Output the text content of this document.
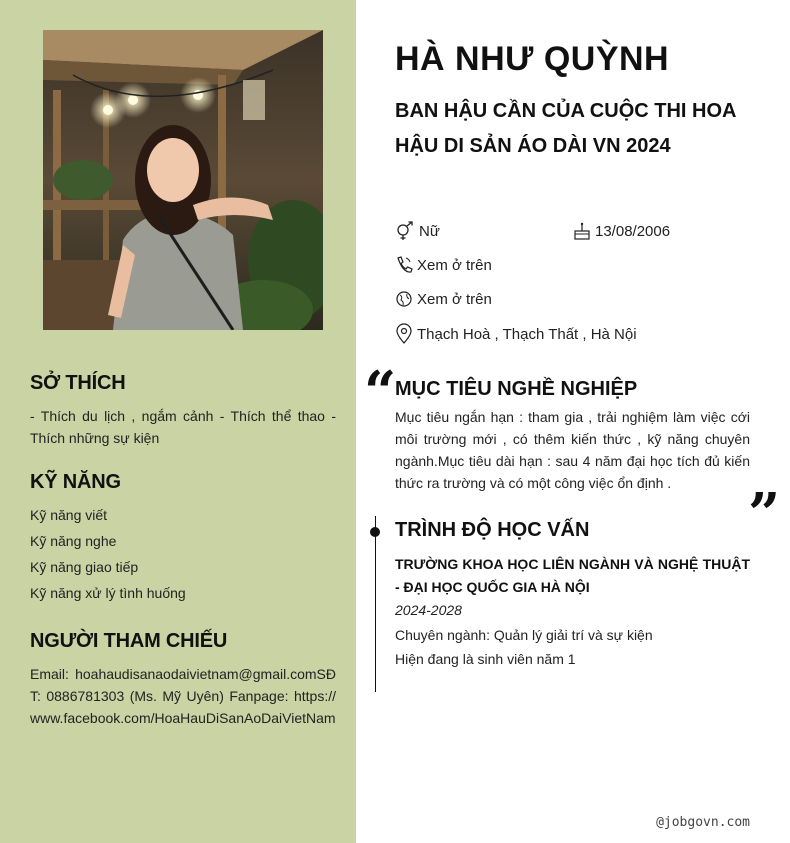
SỞ THÍCH
- Thích du lịch , ngắm cảnh - Thích thể thao - Thích những sự kiện
KỸ NĂNG
Kỹ năng viết
Kỹ năng nghe
Kỹ năng giao tiếp
Kỹ năng xử lý tình huống
NGƯỜI THAM CHIẾU
Email: hoahaudisanaodaivietnam@gmail.comSĐT: 0886781303 (Ms. Mỹ Uyên) Fanpage: https://www.facebook.com/HoaHauDiSanAoDaiVietNam
HÀ NHƯ QUỲNH
BAN HẬU CẦN CỦA CUỘC THI HOA HẬU DI SẢN ÁO DÀI VN 2024
Nữ	13/08/2006
Xem ở trên
Xem ở trên
Thạch Hoà , Thạch Thất , Hà Nội
“
MỤC TIÊU NGHỀ NGHIỆP
Mục tiêu ngắn hạn : tham gia , trải nghiệm làm việc cới môi trường mới , có thêm kiến thức , kỹ năng chuyên ngành.Mục tiêu dài hạn : sau 4 năm đại học tích đủ kiến thức ra trường và có một công việc ổn định .	”
TRÌNH ĐỘ HỌC VẤN
TRƯỜNG KHOA HỌC LIÊN NGÀNH VÀ NGHỆ THUẬT - ĐẠI HỌC QUỐC GIA HÀ NỘI
2024-2028
Chuyên ngành: Quản lý giải trí và sự kiện
Hiện đang là sinh viên năm 1
@jobgovn.com
